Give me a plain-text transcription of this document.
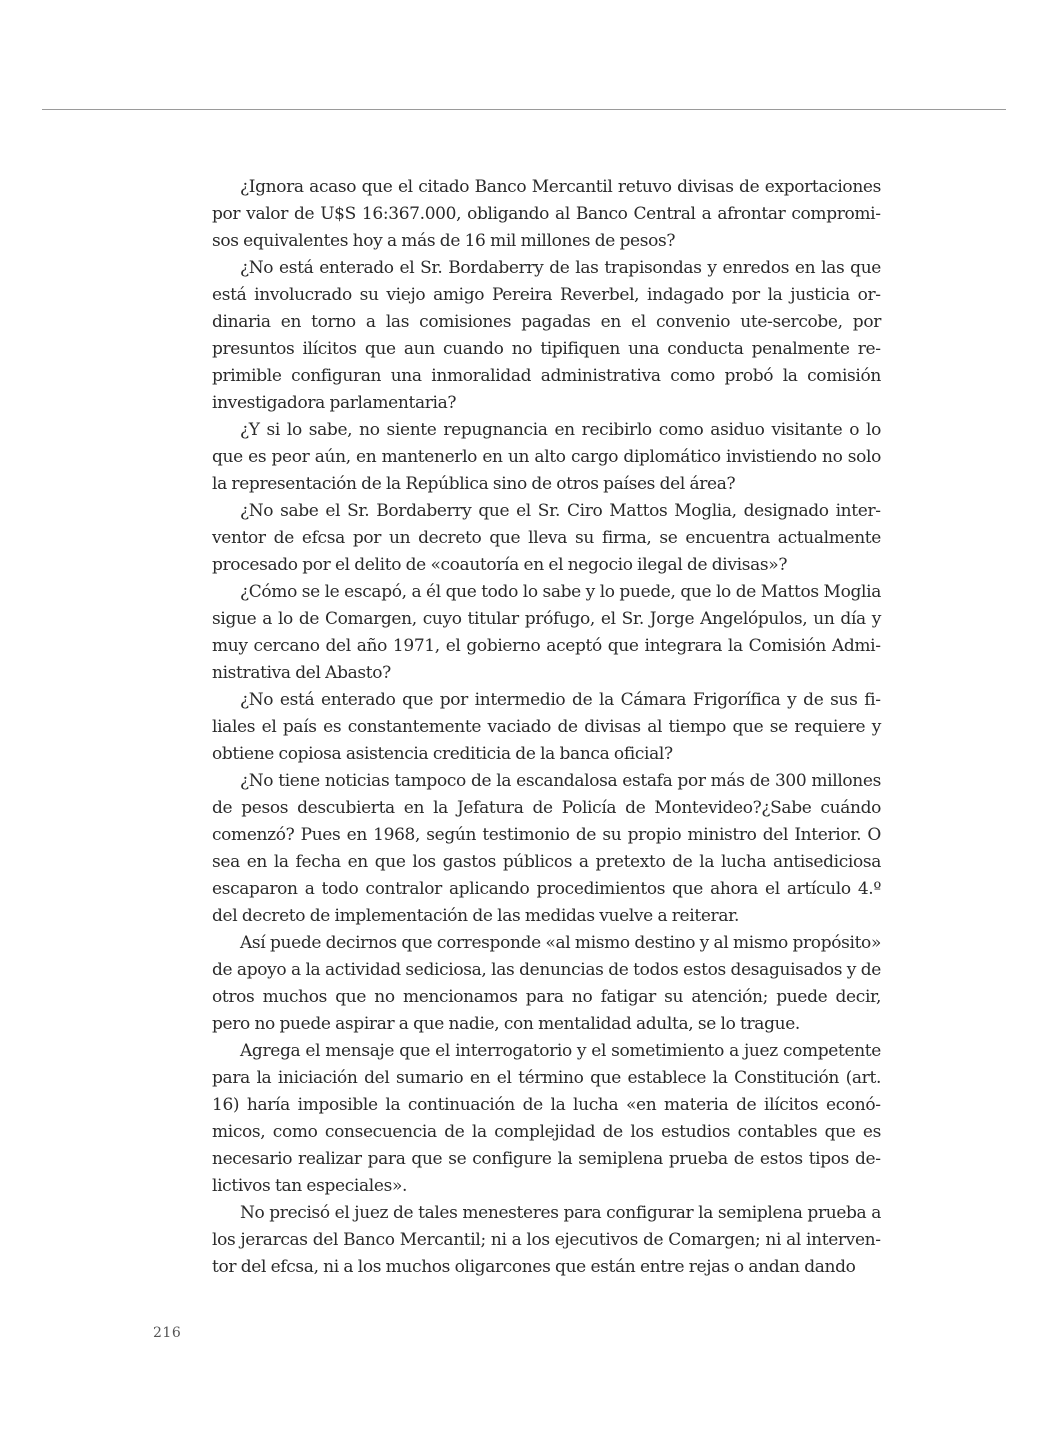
¿Ignora acaso que el citado Banco Mercantil retuvo divisas de exportaciones por valor de U$S 16:367.000, obligando al Banco Central a afrontar compromisos equivalentes hoy a más de 16 mil millones de pesos?

¿No está enterado el Sr. Bordaberry de las trapisondas y enredos en las que está involucrado su viejo amigo Pereira Reverbel, indagado por la justicia ordinaria en torno a las comisiones pagadas en el convenio ute-sercobe, por presuntos ilícitos que aun cuando no tipifiquen una conducta penalmente reprimible configuran una inmoralidad administrativa como probó la comisión investigadora parlamentaria?

¿Y si lo sabe, no siente repugnancia en recibirlo como asiduo visitante o lo que es peor aún, en mantenerlo en un alto cargo diplomático invistiendo no solo la representación de la República sino de otros países del área?

¿No sabe el Sr. Bordaberry que el Sr. Ciro Mattos Moglia, designado interventor de efcsa por un decreto que lleva su firma, se encuentra actualmente procesado por el delito de «coautoría en el negocio ilegal de divisas»?

¿Cómo se le escapó, a él que todo lo sabe y lo puede, que lo de Mattos Moglia sigue a lo de Comargen, cuyo titular prófugo, el Sr. Jorge Angelópulos, un día y muy cercano del año 1971, el gobierno aceptó que integrara la Comisión Administrativa del Abasto?

¿No está enterado que por intermedio de la Cámara Frigorífica y de sus filiales el país es constantemente vaciado de divisas al tiempo que se requiere y obtiene copiosa asistencia crediticia de la banca oficial?

¿No tiene noticias tampoco de la escandalosa estafa por más de 300 millones de pesos descubierta en la Jefatura de Policía de Montevideo?¿Sabe cuándo comenzó? Pues en 1968, según testimonio de su propio ministro del Interior. O sea en la fecha en que los gastos públicos a pretexto de la lucha antisediciosa escaparon a todo contralor aplicando procedimientos que ahora el artículo 4.º del decreto de implementación de las medidas vuelve a reiterar.

Así puede decirnos que corresponde «al mismo destino y al mismo propósito» de apoyo a la actividad sediciosa, las denuncias de todos estos desaguisados y de otros muchos que no mencionamos para no fatigar su atención; puede decir, pero no puede aspirar a que nadie, con mentalidad adulta, se lo trague.

Agrega el mensaje que el interrogatorio y el sometimiento a juez competente para la iniciación del sumario en el término que establece la Constitución (art. 16) haría imposible la continuación de la lucha «en materia de ilícitos económicos, como consecuencia de la complejidad de los estudios contables que es necesario realizar para que se configure la semiplena prueba de estos tipos delictivos tan especiales».

No precisó el juez de tales menesteres para configurar la semiplena prueba a los jerarcas del Banco Mercantil; ni a los ejecutivos de Comargen; ni al interventor del efcsa, ni a los muchos oligarcones que están entre rejas o andan dando

216
